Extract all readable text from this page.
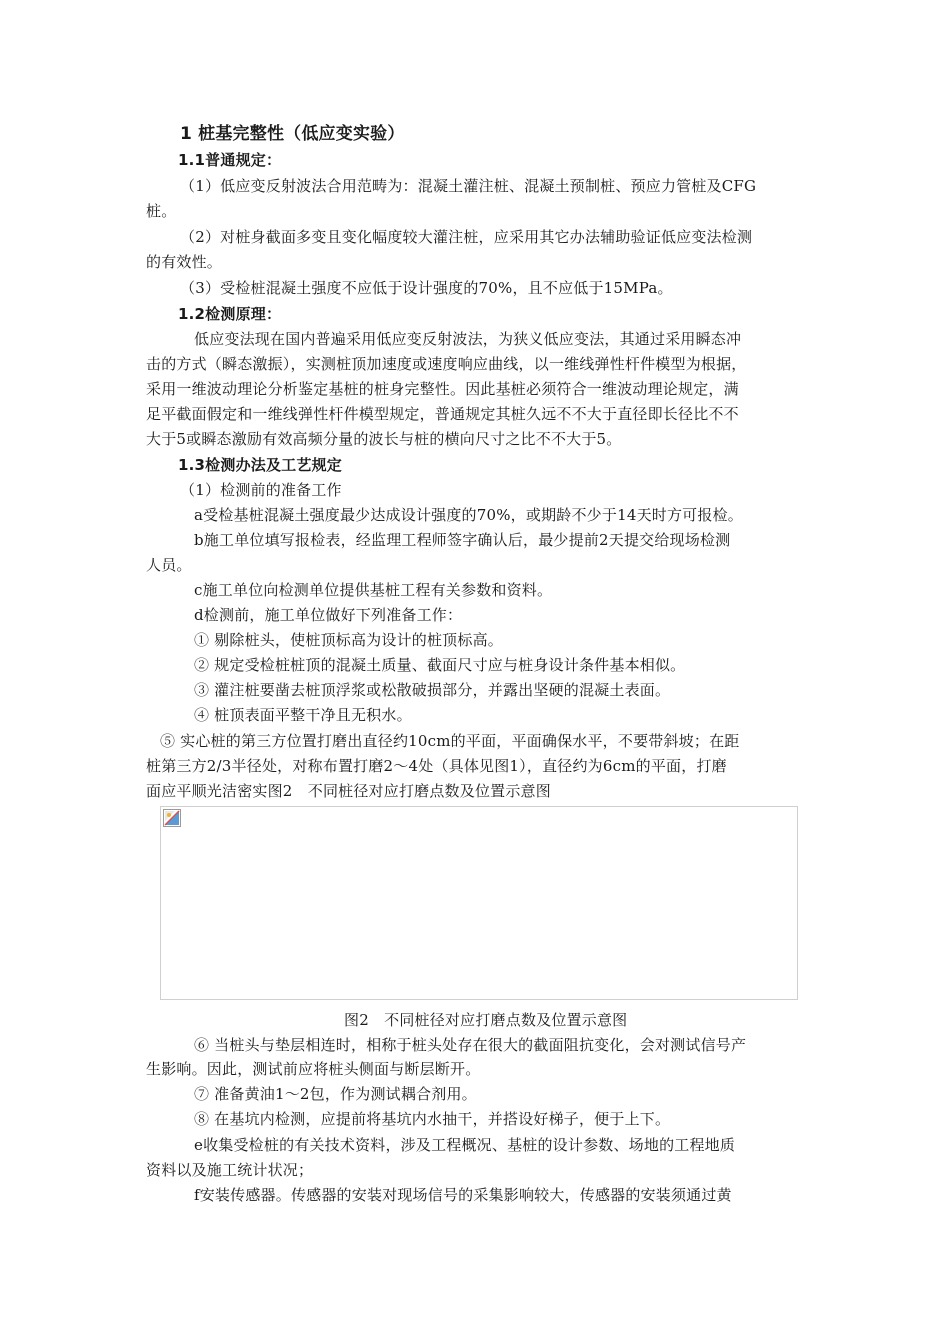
1 桩基完整性（低应变实验）
1.1普通规定：
（1）低应变反射波法合用范畴为：混凝土灌注桩、混凝土预制桩、预应力管桩及CFG
桩。
（2）对桩身截面多变且变化幅度较大灌注桩，应采用其它办法辅助验证低应变法检测
的有效性。
（3）受检桩混凝土强度不应低于设计强度的70%，且不应低于15MPa。
1.2检测原理：
低应变法现在国内普遍采用低应变反射波法，为狭义低应变法，其通过采用瞬态冲
击的方式（瞬态激振），实测桩顶加速度或速度响应曲线，以一维线弹性杆件模型为根据，
采用一维波动理论分析鉴定基桩的桩身完整性。因此基桩必须符合一维波动理论规定，满
足平截面假定和一维线弹性杆件模型规定，普通规定其桩久远不不大于直径即长径比不不
大于5或瞬态激励有效高频分量的波长与桩的横向尺寸之比不不大于5。
1.3检测办法及工艺规定
（1）检测前的准备工作
a受检基桩混凝土强度最少达成设计强度的70%，或期龄不少于14天时方可报检。
b施工单位填写报检表，经监理工程师签字确认后，最少提前2天提交给现场检测
人员。
c施工单位向检测单位提供基桩工程有关参数和资料。
d检测前，施工单位做好下列准备工作：
① 剔除桩头，使桩顶标高为设计的桩顶标高。
② 规定受检桩桩顶的混凝土质量、截面尺寸应与桩身设计条件基本相似。
③ 灌注桩要凿去桩顶浮浆或松散破损部分，并露出坚硬的混凝土表面。
④ 桩顶表面平整干净且无积水。
⑤ 实心桩的第三方位置打磨出直径约10cm的平面，平面确保水平，不要带斜坡；在距
桩第三方2/3半径处，对称布置打磨2～4处（具体见图1），直径约为6cm的平面，打磨
面应平顺光洁密实图2　不同桩径对应打磨点数及位置示意图
图2　不同桩径对应打磨点数及位置示意图
⑥ 当桩头与垫层相连时，相称于桩头处存在很大的截面阻抗变化，会对测试信号产
生影响。因此，测试前应将桩头侧面与断层断开。
⑦ 准备黄油1～2包，作为测试耦合剂用。
⑧ 在基坑内检测，应提前将基坑内水抽干，并搭设好梯子，便于上下。
e收集受检桩的有关技术资料，涉及工程概况、基桩的设计参数、场地的工程地质
资料以及施工统计状况；
f安装传感器。传感器的安装对现场信号的采集影响较大，传感器的安装须通过黄
